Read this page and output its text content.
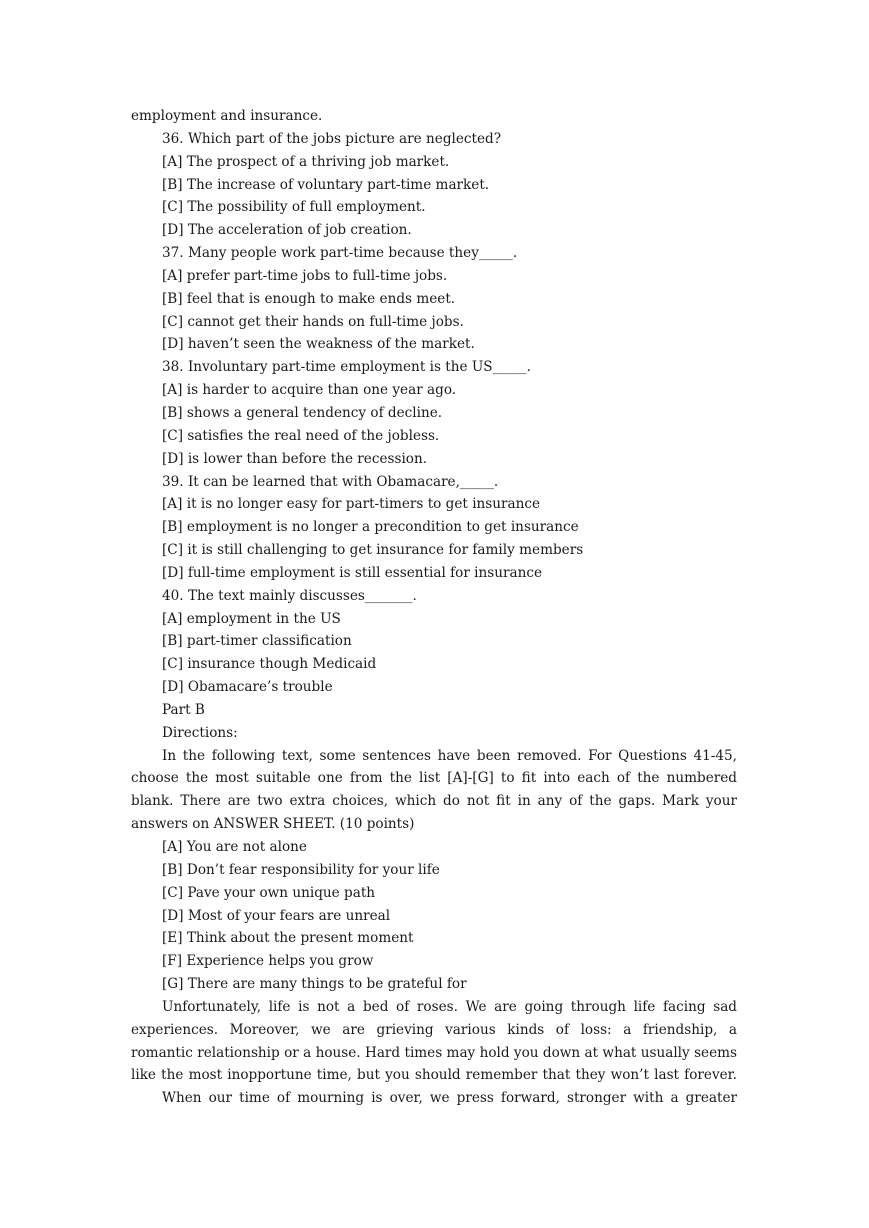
employment and insurance.
36. Which part of the jobs picture are neglected?
[A] The prospect of a thriving job market.
[B] The increase of voluntary part-time market.
[C] The possibility of full employment.
[D] The acceleration of job creation.
37. Many people work part-time because they_____.
[A] prefer part-time jobs to full-time jobs.
[B] feel that is enough to make ends meet.
[C] cannot get their hands on full-time jobs.
[D] haven’t seen the weakness of the market.
38. Involuntary part-time employment is the US_____.
[A] is harder to acquire than one year ago.
[B] shows a general tendency of decline.
[C] satisfies the real need of the jobless.
[D] is lower than before the recession.
39. It can be learned that with Obamacare,_____.
[A] it is no longer easy for part-timers to get insurance
[B] employment is no longer a precondition to get insurance
[C] it is still challenging to get insurance for family members
[D] full-time employment is still essential for insurance
40. The text mainly discusses_______.
[A] employment in the US
[B] part-timer classification
[C] insurance though Medicaid
[D] Obamacare’s trouble
Part B
Directions:
In the following text, some sentences have been removed. For Questions 41-45,
choose the most suitable one from the list [A]-[G] to fit into each of the numbered
blank. There are two extra choices, which do not fit in any of the gaps. Mark your
answers on ANSWER SHEET. (10 points)
[A] You are not alone
[B] Don’t fear responsibility for your life
[C] Pave your own unique path
[D] Most of your fears are unreal
[E] Think about the present moment
[F] Experience helps you grow
[G] There are many things to be grateful for
Unfortunately, life is not a bed of roses. We are going through life facing sad
experiences. Moreover, we are grieving various kinds of loss: a friendship, a
romantic relationship or a house. Hard times may hold you down at what usually seems
like the most inopportune time, but you should remember that they won’t last forever.
When our time of mourning is over, we press forward, stronger with a greater
